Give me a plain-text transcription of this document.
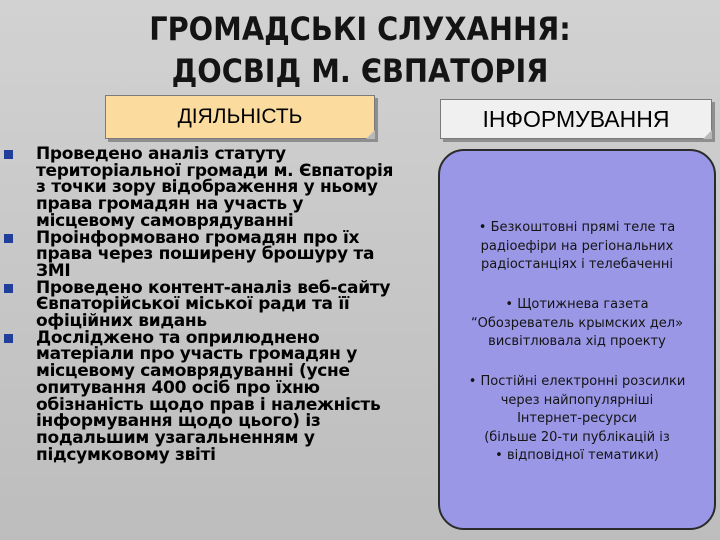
ГРОМАДСЬКІ СЛУХАННЯ:
ДОСВІД М. ЄВПАТОРІЯ
ДІЯЛЬНІСТЬ	ІНФОРМУВАННЯ
Проведено аналіз статуту
територіальної громади м. Євпаторія
з точки зору відображення у ньому
права громадян на участь у
місцевому самоврядуванні
Проінформовано громадян про їх
права через поширену брошуру та
ЗМІ
Проведено контент-аналіз веб-сайту
Євпаторійської міської ради та її
офіційних видань
Досліджено та оприлюднено
матеріали про участь громадян у
місцевому самоврядуванні (усне
опитування 400 осіб про їхню
обізнаність щодо прав і належність
інформування щодо цього) із
подальшим узагальненням у
підсумковому звіті
• Безкоштовні прямі теле та
радіоефіри на регіональних
радіостанціях і телебаченні
• Щотижнева газета
“Обозреватель крымских дел»
висвітлювала хід проекту
• Постійні електронні розсилки
через найпопулярніші
Інтернет-ресурси
(більше 20-ти публікацій із
• відповідної тематики)
